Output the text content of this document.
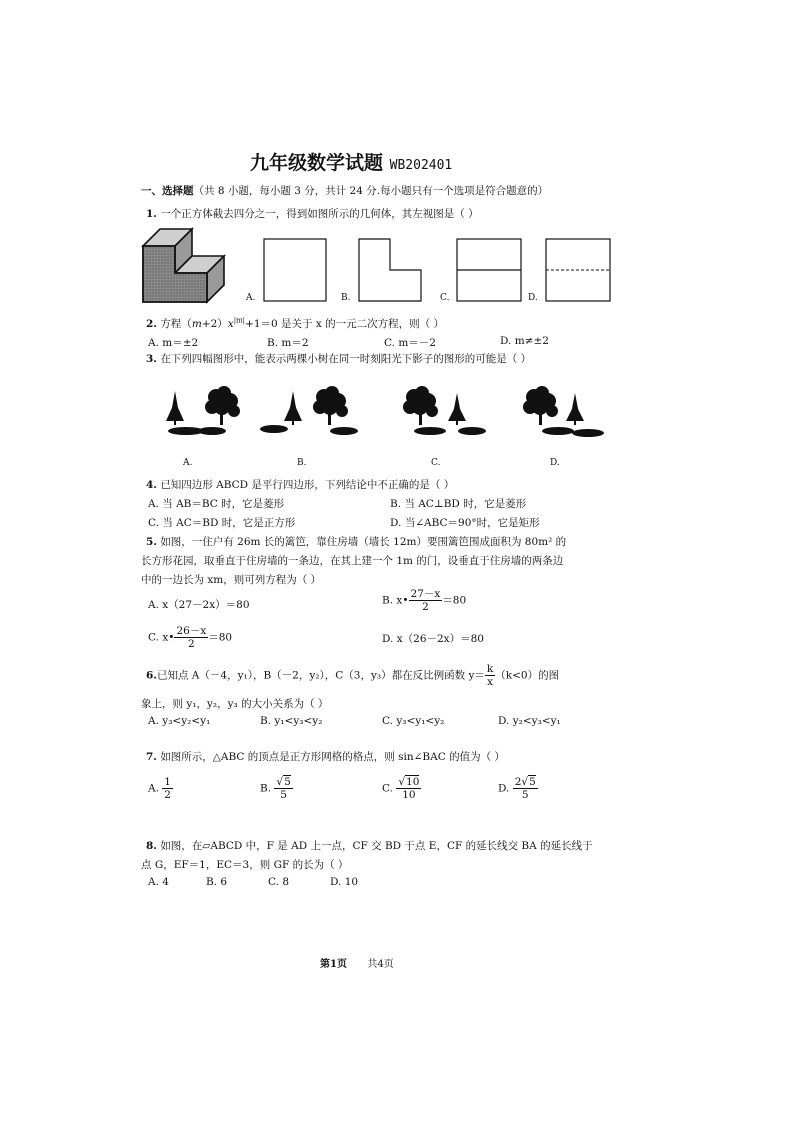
九年级数学试题 WB202401
一、选择题（共 8 小题，每小题 3 分，共计 24 分.每小题只有一个选项是符合题意的）
1. 一个正方体截去四分之一，得到如图所示的几何体，其左视图是（ ）
A.	B.	C.	D.
2. 方程$(m+2)x^{|m|}+1=0$ 是关于 x 的一元二次方程，则（ ）
A. m＝±2	B. m＝2	C. m＝－2	D. m≠±2
3. 在下列四幅图形中，能表示两棵小树在同一时刻阳光下影子的图形的可能是（ ）
A.	B.	C.	D.
4. 已知四边形 ABCD 是平行四边形，下列结论中不正确的是（ ）
A. 当 AB＝BC 时，它是菱形	B. 当 AC⊥BD 时，它是菱形
C. 当 AC＝BD 时，它是正方形	D. 当∠ABC＝90°时，它是矩形
5. 如图，一住户有 26m 长的篱笆，靠住房墙（墙长 12m）要围篱笆围成面积为 80m² 的
长方形花园，取垂直于住房墙的一条边，在其上建一个 1m 的门，设垂直于住房墙的两条边
中的一边长为 xm，则可列方程为（ ）
A. x（27－2x）＝80	B. x• $\frac{27-x}{2} =80$
C. x• $\frac{26-x}{2} =80$	D. x（26－2x）＝80
6.已知点 A（－4，y₁），B（－2，y₂），C（3，y₃）都在反比例函数 $y= \frac{k}{x} (k<0)$的图
象上，则 y₁，y₂，y₃ 的大小关系为（ ）
A. y₃<y₂<y₁	B. y₁<y₃<y₂	C. y₃<y₁<y₂	D. y₂<y₃<y₁
7. 如图所示，△ABC 的顶点是正方形网格的格点，则 sin∠BAC 的值为（ ）
A. $\frac{1}{2}$	B. $\frac{√5}{5}$	C. $\frac{√10}{10}$	D. $\frac{2√5}{5}$
8. 如图，在▱ABCD 中，F 是 AD 上一点，CF 交 BD 于点 E，CF 的延长线交 BA 的延长线于
点 G，EF＝1，EC＝3，则 GF 的长为（ ）
A. 4	B. 6	C. 8	D. 10
第1页 共4页
